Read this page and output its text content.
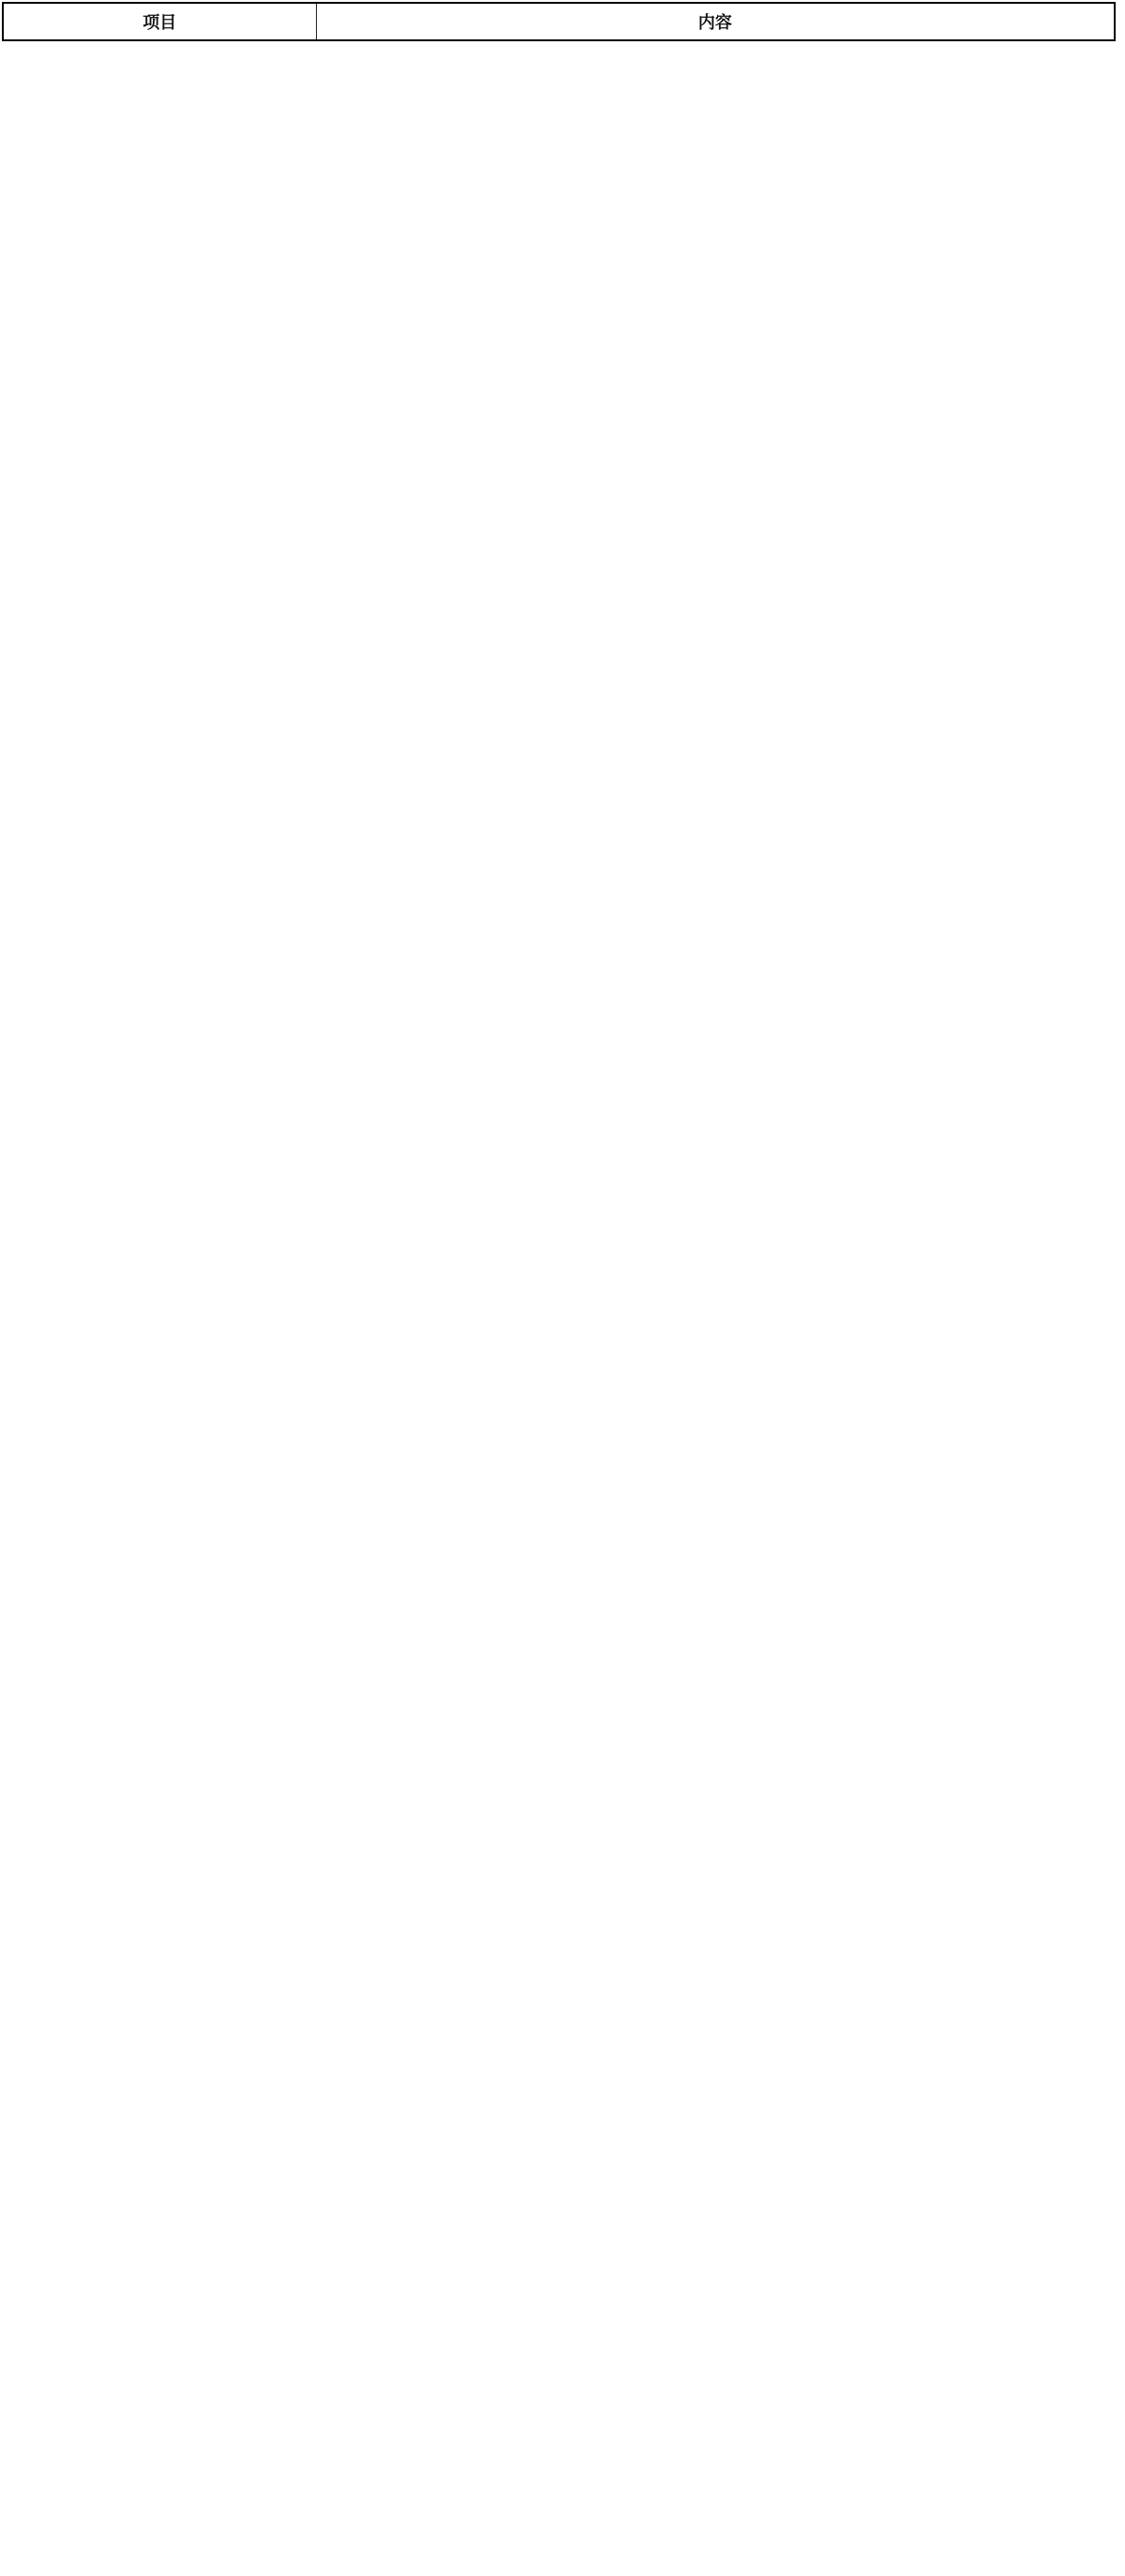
项目	内容
